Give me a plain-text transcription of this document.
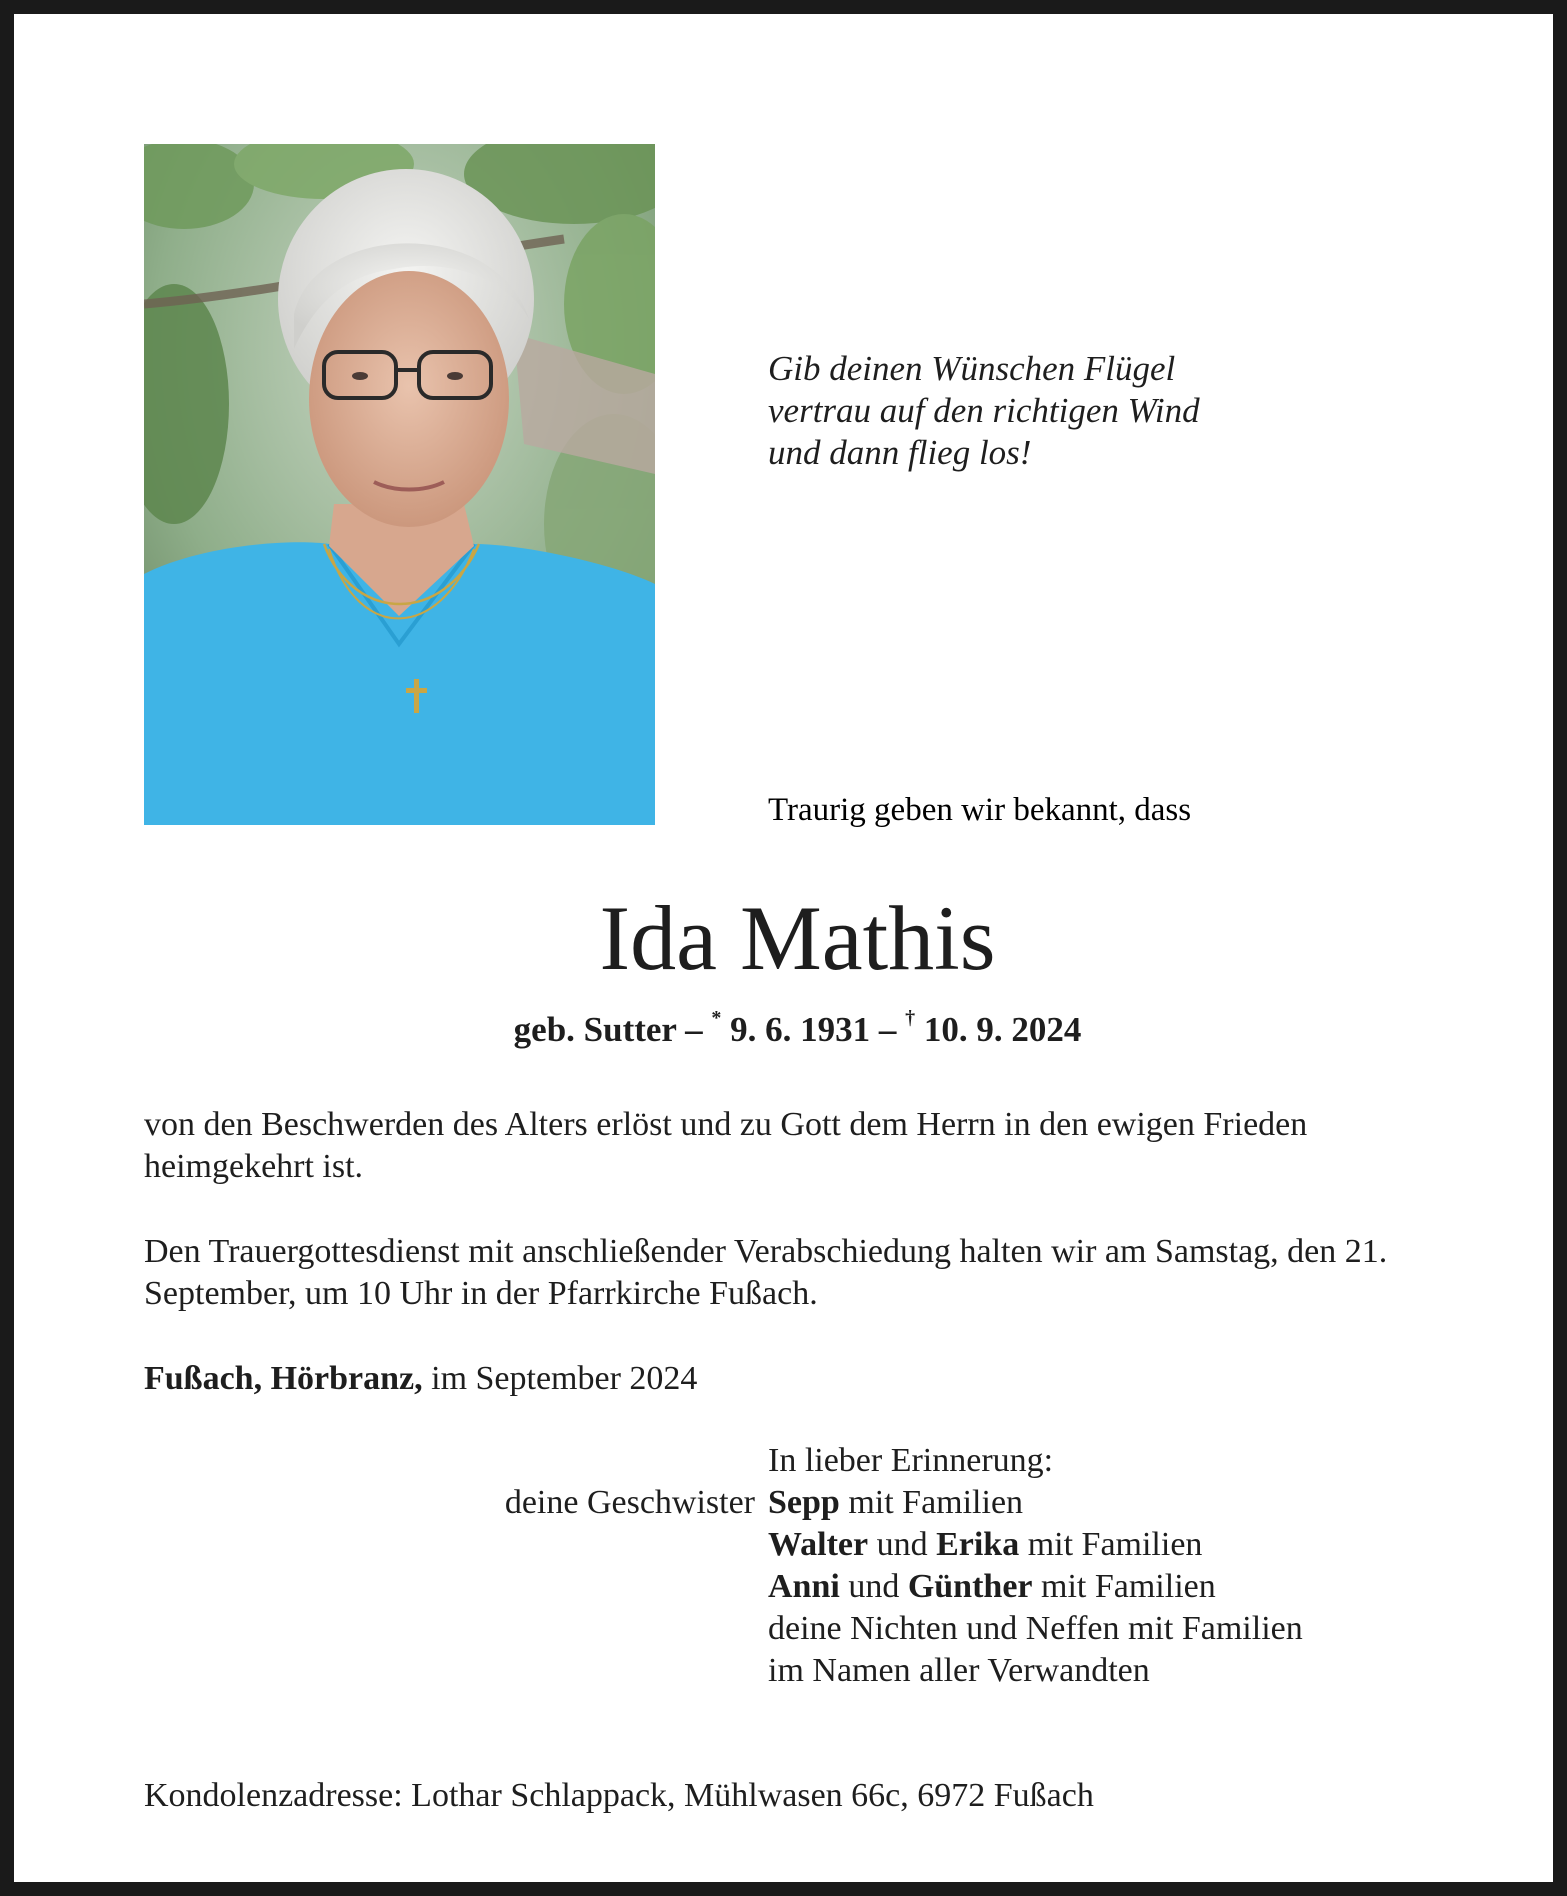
Gib deinen Wünschen Flügel
vertrau auf den richtigen Wind
und dann flieg los!
Traurig geben wir bekannt, dass
Ida Mathis
geb. Sutter – * 9. 6. 1931 – † 10. 9. 2024
von den Beschwerden des Alters erlöst und zu Gott dem Herrn in den ewigen Frieden heimgekehrt ist.
Den Trauergottesdienst mit anschließender Verabschiedung halten wir am Samstag, den 21. September, um 10 Uhr in der Pfarrkirche Fußach.
Fußach, Hörbranz, im September 2024
deine Geschwister
In lieber Erinnerung:
Sepp mit Familien
Walter und Erika mit Familien
Anni und Günther mit Familien
deine Nichten und Neffen mit Familien
im Namen aller Verwandten
Kondolenzadresse: Lothar Schlappack, Mühlwasen 66c, 6972 Fußach
